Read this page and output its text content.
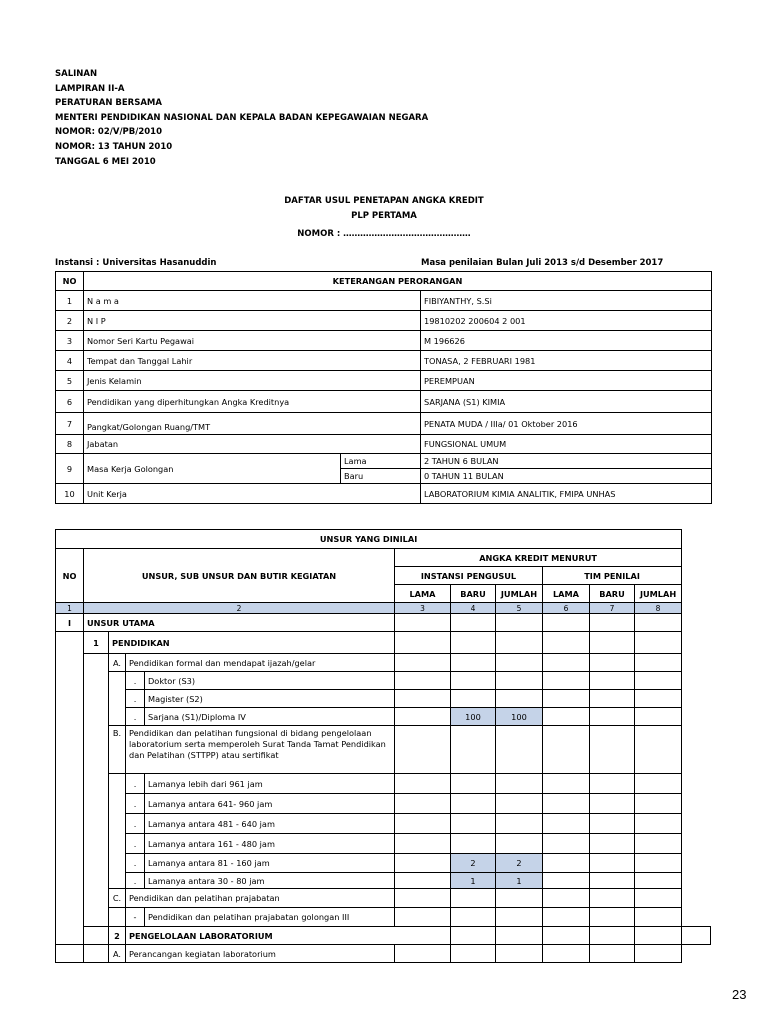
SALINAN
LAMPIRAN II-A
PERATURAN BERSAMA
MENTERI PENDIDIKAN NASIONAL DAN KEPALA BADAN KEPEGAWAIAN NEGARA
NOMOR: 02/V/PB/2010
NOMOR: 13 TAHUN 2010
TANGGAL 6 MEI 2010
DAFTAR USUL PENETAPAN ANGKA KREDIT
PLP PERTAMA
NOMOR : ………………………………………
Instansi : Universitas Hasanuddin	Masa penilaian Bulan Juli 2013 s/d Desember 2017
NO	KETERANGAN PERORANGAN		
1	N a m a		FIBIYANTHY, S.Si
2	N I P		19810202 200604 2 001
3	Nomor Seri Kartu Pegawai		M 196626
4	Tempat dan Tanggal Lahir		TONASA, 2 FEBRUARI 1981
5	Jenis Kelamin		PEREMPUAN
6	Pendidikan yang diperhitungkan Angka Kreditnya		SARJANA (S1) KIMIA
7	Pangkat/Golongan Ruang/TMT		PENATA MUDA / IIIa/ 01 Oktober 2016
8	Jabatan		FUNGSIONAL UMUM
9	Masa Kerja Golongan	Lama	2 TAHUN 6 BULAN
		Baru	0 TAHUN 11 BULAN
10	Unit Kerja		LABORATORIUM KIMIA ANALITIK, FMIPA UNHAS
UNSUR YANG DINILAI											
NO	UNSUR, SUB UNSUR DAN BUTIR KEGIATAN				ANGKA KREDIT MENURUT						
					INSTANSI PENGUSUL			TIM PENILAI			
					LAMA	BARU	JUMLAH	LAMA	BARU	JUMLAH	
1	2				3	4	5	6	7	8	
I	UNSUR UTAMA										
	1	PENDIDIKAN									
		A.	Pendidikan formal dan mendapat ijazah/gelar								
			.	Doktor (S3)							
			.	Magister (S2)							
			.	Sarjana (S1)/Diploma IV		100	100				
		B.	Pendidikan dan pelatihan fungsional di bidang pengelolaan laboratorium serta memperoleh Surat Tanda Tamat Pendidikan dan Pelatihan (STTPP) atau sertifikat								
			.	Lamanya lebih dari 961 jam							
			.	Lamanya antara 641- 960 jam							
			.	Lamanya antara 481 - 640 jam							
			.	Lamanya antara 161 - 480 jam							
			.	Lamanya antara 81 - 160 jam		2	2				
			.	Lamanya antara 30 - 80 jam		1	1				
		C.	Pendidikan dan pelatihan prajabatan								
			-	Pendidikan dan pelatihan prajabatan golongan III							
		2	PENGELOLAAN LABORATORIUM								
		A.	Perancangan kegiatan laboratorium								
23
